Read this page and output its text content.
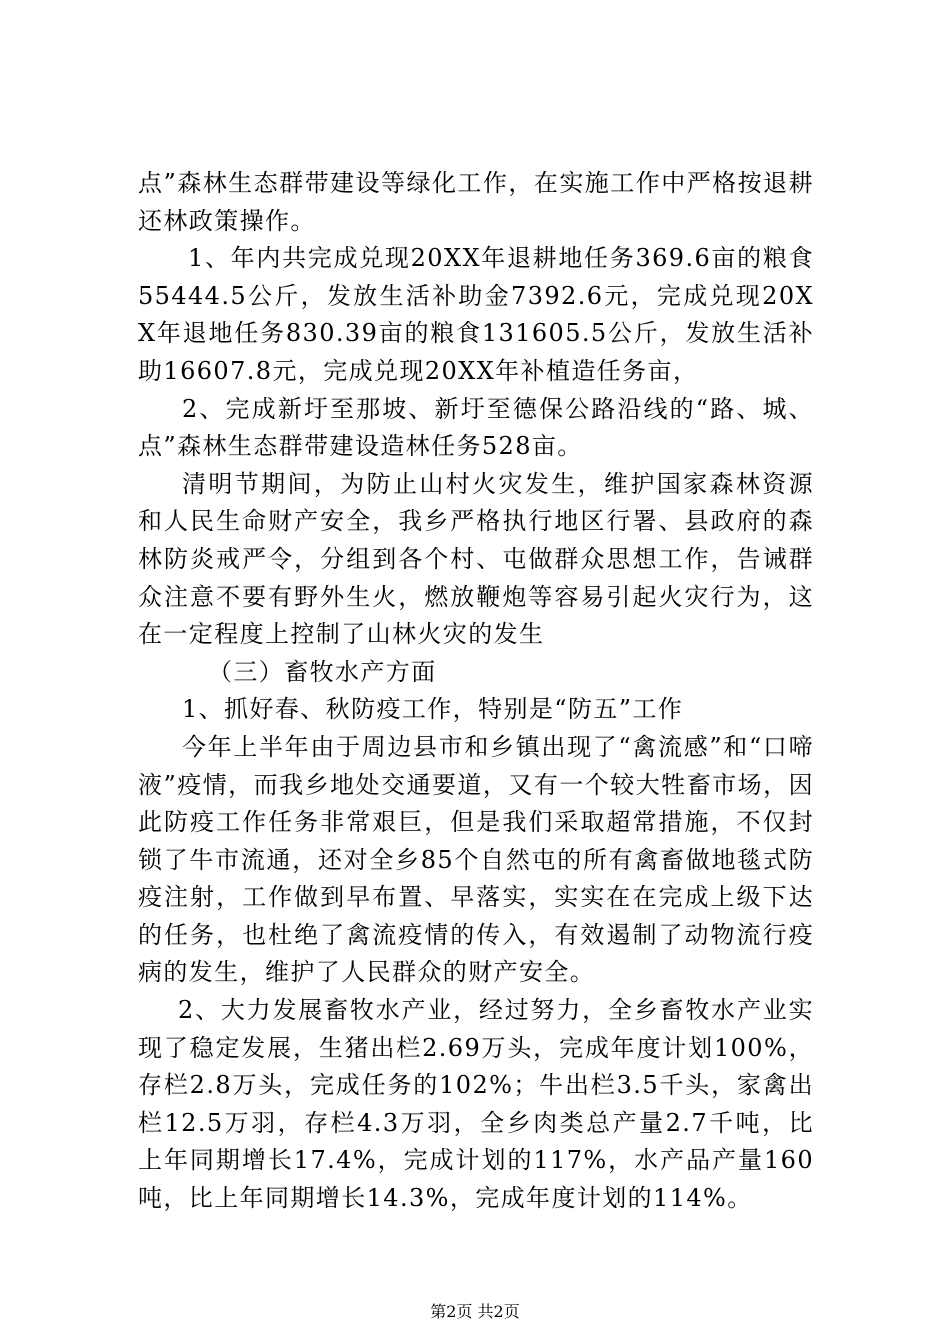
点”森林生态群带建设等绿化工作，在实施工作中严格按退耕还林政策操作。

1、年内共完成兑现20XX年退耕地任务369.6亩的粮食55444.5公斤，发放生活补助金7392.6元，完成兑现20XX年退地任务830.39亩的粮食131605.5公斤，发放生活补助16607.8元，完成兑现20XX年补植造任务亩，

2、完成新圩至那坡、新圩至德保公路沿线的“路、城、点”森林生态群带建设造林任务528亩。

清明节期间，为防止山村火灾发生，维护国家森林资源和人民生命财产安全，我乡严格执行地区行署、县政府的森林防炎戒严令，分组到各个村、屯做群众思想工作，告诫群众注意不要有野外生火，燃放鞭炮等容易引起火灾行为，这在一定程度上控制了山林火灾的发生

（三）畜牧水产方面

1、抓好春、秋防疫工作，特别是“防五”工作

今年上半年由于周边县市和乡镇出现了“禽流感”和“口啼液”疫情，而我乡地处交通要道，又有一个较大牲畜市场，因此防疫工作任务非常艰巨，但是我们采取超常措施，不仅封锁了牛市流通，还对全乡85个自然屯的所有禽畜做地毯式防疫注射，工作做到早布置、早落实，实实在在完成上级下达的任务，也杜绝了禽流疫情的传入，有效遏制了动物流行疫病的发生，维护了人民群众的财产安全。

2、大力发展畜牧水产业，经过努力，全乡畜牧水产业实现了稳定发展，生猪出栏2.69万头，完成年度计划100%，存栏2.8万头，完成任务的102%；牛出栏3.5千头，家禽出栏12.5万羽，存栏4.3万羽，全乡肉类总产量2.7千吨，比上年同期增长17.4%，完成计划的117%，水产品产量160吨，比上年同期增长14.3%，完成年度计划的114%。

第2页 共2页
